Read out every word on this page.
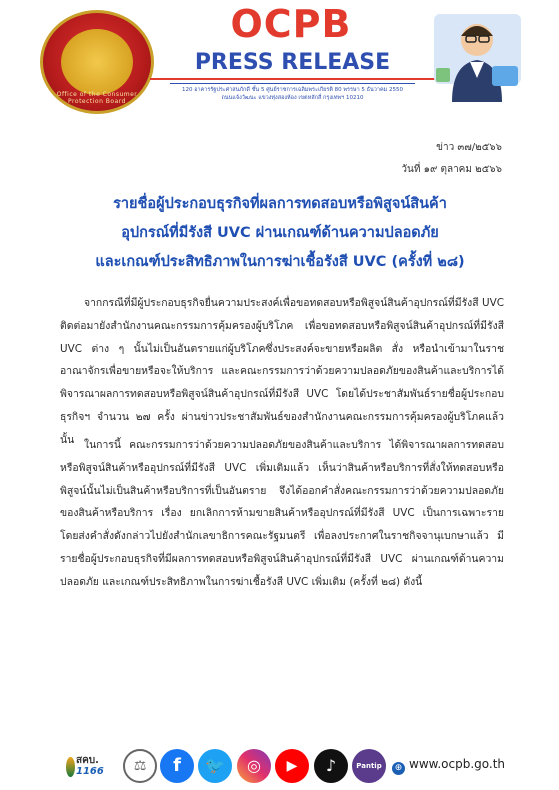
Office of the Consumer Protection Board
OCPB
PRESS RELEASE
120 อาคารรัฐประศาสนภักดี ชั้น 5 ศูนย์ราชการเฉลิมพระเกียรติ 80 พรรษา 5 ธันวาคม 2550
ถนนแจ้งวัฒนะ แขวงทุ่งสองห้อง เขตหลักสี่ กรุงเทพฯ 10210
ข่าว ๓๗/๒๕๖๖
วันที่ ๑๙ ตุลาคม ๒๕๖๖
รายชื่อผู้ประกอบธุรกิจที่ผลการทดสอบหรือพิสูจน์สินค้า
อุปกรณ์ที่มีรังสี UVC ผ่านเกณฑ์ด้านความปลอดภัย
และเกณฑ์ประสิทธิภาพในการฆ่าเชื้อรังสี UVC (ครั้งที่ ๒๘)
จากกรณีที่มีผู้ประกอบธุรกิจยื่นความประสงค์เพื่อขอทดสอบหรือพิสูจน์สินค้าอุปกรณ์ที่มีรังสี UVC ติดต่อมายังสำนักงานคณะกรรมการคุ้มครองผู้บริโภค เพื่อขอทดสอบหรือพิสูจน์สินค้าอุปกรณ์ที่มีรังสี UVC ต่าง ๆ นั้นไม่เป็นอันตรายแก่ผู้บริโภคซึ่งประสงค์จะขายหรือผลิต สั่ง หรือนำเข้ามาในราชอาณาจักรเพื่อขายหรือจะให้บริการ และคณะกรรมการว่าด้วยความปลอดภัยของสินค้าและบริการได้พิจารณาผลการทดสอบหรือพิสูจน์สินค้าอุปกรณ์ที่มีรังสี UVC โดยได้ประชาสัมพันธ์รายชื่อผู้ประกอบธุรกิจฯ จำนวน ๒๗ ครั้ง ผ่านข่าวประชาสัมพันธ์ของสำนักงานคณะกรรมการคุ้มครองผู้บริโภคแล้วนั้น ในการนี้ คณะกรรมการว่าด้วยความปลอดภัยของสินค้าและบริการ ได้พิจารณาผลการทดสอบหรือพิสูจน์สินค้าหรืออุปกรณ์ที่มีรังสี UVC เพิ่มเติมแล้ว เห็นว่าสินค้าหรือบริการที่สั่งให้ทดสอบหรือพิสูจน์นั้นไม่เป็นสินค้าหรือบริการที่เป็นอันตราย จึงได้ออกคำสั่งคณะกรรมการว่าด้วยความปลอดภัยของสินค้าหรือบริการ เรื่อง ยกเลิกการห้ามขายสินค้าหรืออุปกรณ์ที่มีรังสี UVC เป็นการเฉพาะราย โดยส่งคำสั่งดังกล่าวไปยังสำนักเลขาธิการคณะรัฐมนตรี เพื่อลงประกาศในราชกิจจานุเบกษาแล้ว มีรายชื่อผู้ประกอบธุรกิจที่มีผลการทดสอบหรือพิสูจน์สินค้าอุปกรณ์ที่มีรังสี UVC ผ่านเกณฑ์ด้านความปลอดภัย และเกณฑ์ประสิทธิภาพในการฆ่าเชื้อรังสี UVC เพิ่มเติม (ครั้งที่ ๒๘) ดังนี้
สคบ.
1166	⚖	f	🐦	◎	▶	♪	Pantip	⊕ www.ocpb.go.th
